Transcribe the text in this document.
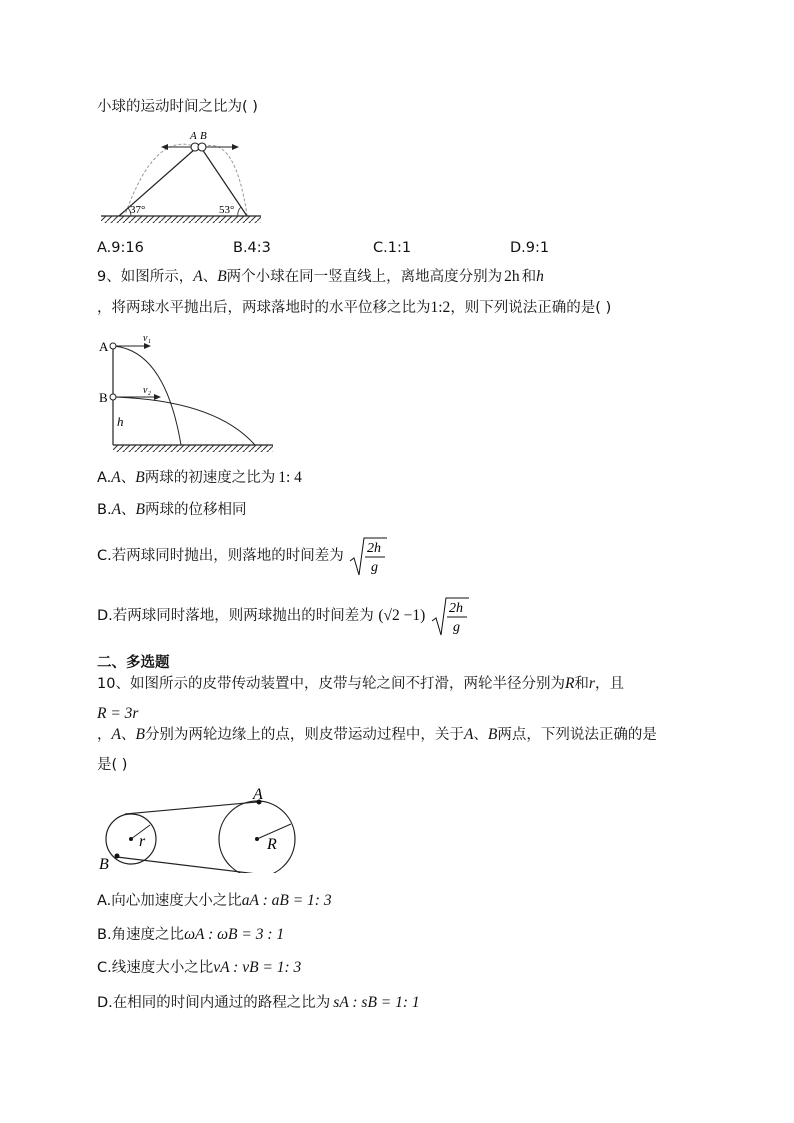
小球的运动时间之比为( )
A B
37°	53°
A.9:16	B.4:3	C.1:1	D.9:1
9、如图所示，A、B两个小球在同一竖直线上，离地高度分别为 2h 和h
，将两球水平抛出后，两球落地时的水平位移之比为1:2，则下列说法正确的是( )
A
B
v₁
v₂
h
A.A、B两球的初速度之比为 1: 4
B.A、B两球的位移相同
C.若两球同时抛出，则落地的时间差为 2h
g
D.若两球同时落地，则两球抛出的时间差为 (√2 −1) 2h
g
二、多选题
10、如图所示的皮带传动装置中，皮带与轮之间不打滑，两轮半径分别为R和r，且
R = 3r
，A、B分别为两轮边缘上的点，则皮带运动过程中，关于A、B两点，下列说法正确的是
是( )
A
B
r	R
A.向心加速度大小之比aA : aB = 1: 3
B.角速度之比ωA : ωB = 3 : 1
C.线速度大小之比vA : vB = 1: 3
D.在相同的时间内通过的路程之比为 sA : sB = 1: 1
